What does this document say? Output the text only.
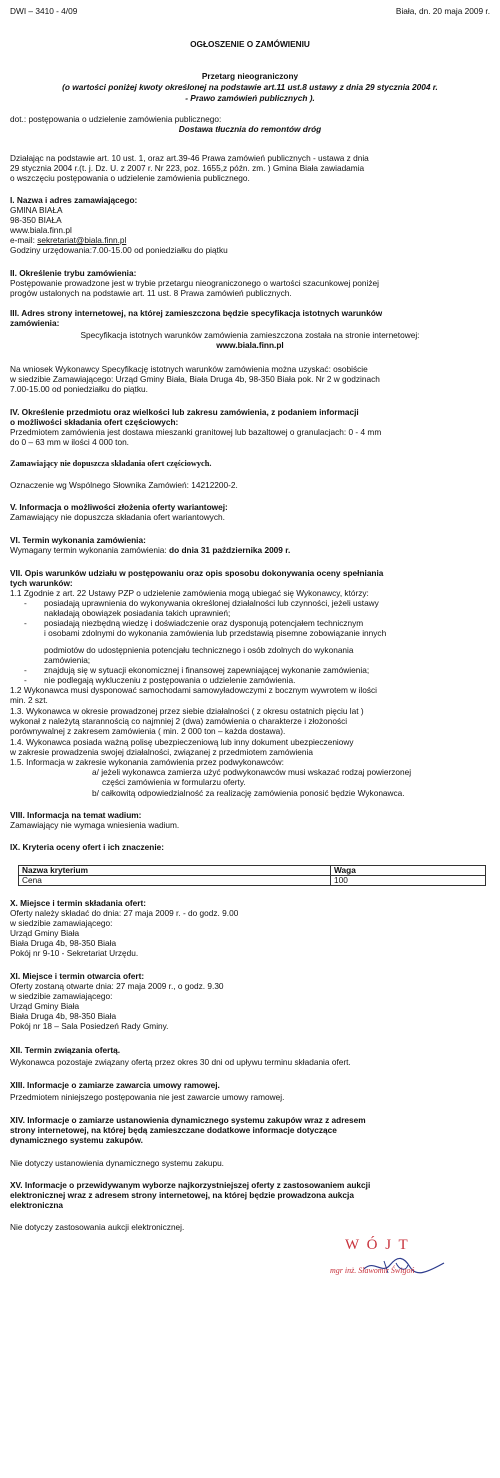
DWI – 3410 - 4/09	Biała, dn. 20 maja 2009 r.
OGŁOSZENIE O ZAMÓWIENIU
Przetarg nieograniczony
(o wartości poniżej kwoty określonej na podstawie art.11 ust.8 ustawy z dnia 29 stycznia 2004 r.
- Prawo zamówień publicznych ).
dot.: postępowania o udzielenie zamówienia publicznego:
Dostawa tłucznia do remontów dróg
Działając na podstawie art. 10 ust. 1, oraz art.39-46 Prawa zamówień publicznych - ustawa z dnia
29 stycznia 2004 r.(t. j. Dz. U. z 2007 r. Nr 223, poz. 1655,z późn. zm. ) Gmina Biała zawiadamia
o wszczęciu postępowania o udzielenie zamówienia publicznego.
I. Nazwa i adres zamawiającego:
GMINA BIAŁA
98-350 BIAŁA
www.biala.finn.pl
e-mail: sekretariat@biala.finn.pl
Godziny urzędowania:7.00-15.00 od poniedziałku do piątku
II. Określenie trybu zamówienia:
Postępowanie prowadzone jest w trybie przetargu nieograniczonego o wartości szacunkowej poniżej
progów ustalonych na podstawie art. 11 ust. 8 Prawa zamówień publicznych.
III. Adres strony internetowej, na której zamieszczona będzie specyfikacja istotnych warunków
zamówienia:
Specyfikacja istotnych warunków zamówienia zamieszczona została na stronie internetowej:
www.biala.finn.pl
Na wniosek Wykonawcy Specyfikację istotnych warunków zamówienia można uzyskać: osobiście
w siedzibie Zamawiającego: Urząd Gminy Biała, Biała Druga 4b, 98-350 Biała pok. Nr 2 w godzinach
7.00-15.00 od poniedziałku do piątku.
IV. Określenie przedmiotu oraz wielkości lub zakresu zamówienia, z podaniem informacji
o możliwości składania ofert częściowych:
Przedmiotem zamówienia jest dostawa mieszanki granitowej lub bazaltowej o granulacjach: 0 - 4 mm
do 0 – 63 mm w ilości 4 000 ton.
Zamawiający nie dopuszcza składania ofert częściowych.
Oznaczenie wg Wspólnego Słownika Zamówień: 14212200-2.
V. Informacja o możliwości złożenia oferty wariantowej:
Zamawiający nie dopuszcza składania ofert wariantowych.
VI. Termin wykonania zamówienia:
Wymagany termin wykonania zamówienia: do dnia 31 października 2009 r.
VII. Opis warunków udziału w postępowaniu oraz opis sposobu dokonywania oceny spełniania
tych warunków:
1.1 Zgodnie z art. 22 Ustawy PZP o udzielenie zamówienia mogą ubiegać się Wykonawcy, którzy:
-	posiadają uprawnienia do wykonywania określonej działalności lub czynności, jeżeli ustawy
nakładają obowiązek posiadania takich uprawnień;
-	posiadają niezbędną wiedzę i doświadczenie oraz dysponują potencjałem technicznym
i osobami zdolnymi do wykonania zamówienia lub przedstawią pisemne zobowiązanie innych
podmiotów do udostępnienia potencjału technicznego i osób zdolnych do wykonania
zamówienia;
-	znajdują się w sytuacji ekonomicznej i finansowej zapewniającej wykonanie zamówienia;
-	nie podlegają wykluczeniu z postępowania o udzielenie zamówienia.
1.2 Wykonawca musi dysponować samochodami samowyładowczymi z bocznym wywrotem w ilości
min. 2 szt.
1.3. Wykonawca w okresie prowadzonej przez siebie działalności ( z okresu ostatnich pięciu lat )
wykonał z należytą starannością co najmniej 2 (dwa) zamówienia o charakterze i złożoności
porównywalnej z zakresem zamówienia ( min. 2 000 ton – każda dostawa).
1.4. Wykonawca posiada ważną polisę ubezpieczeniową lub inny dokument ubezpieczeniowy
w zakresie prowadzenia swojej działalności, związanej z przedmiotem zamówienia
1.5. Informacja w zakresie wykonania zamówienia przez podwykonawców:
a/ jeżeli wykonawca zamierza użyć podwykonawców musi wskazać rodzaj powierzonej
części zamówienia w formularzu oferty.
b/ całkowitą odpowiedzialność za realizację zamówienia ponosić będzie Wykonawca.
VIII. Informacja na temat wadium:
Zamawiający nie wymaga wniesienia wadium.
IX. Kryteria oceny ofert i ich znaczenie:
Nazwa kryterium	Waga
Cena	100
X. Miejsce i termin składania ofert:
Oferty należy składać do dnia: 27 maja 2009 r. - do godz. 9.00
w siedzibie zamawiającego:
Urząd Gminy Biała
Biała Druga 4b, 98-350 Biała
Pokój nr 9-10 - Sekretariat Urzędu.
XI. Miejsce i termin otwarcia ofert:
Oferty zostaną otwarte dnia: 27 maja 2009 r., o godz. 9.30
w siedzibie zamawiającego:
Urząd Gminy Biała
Biała Druga 4b, 98-350 Biała
Pokój nr 18 – Sala Posiedzeń Rady Gminy.
XII. Termin związania ofertą.
Wykonawca pozostaje związany ofertą przez okres 30 dni od upływu terminu składania ofert.
XIII. Informacje o zamiarze zawarcia umowy ramowej.
Przedmiotem niniejszego postępowania nie jest zawarcie umowy ramowej.
XIV. Informacje o zamiarze ustanowienia dynamicznego systemu zakupów wraz z adresem
strony internetowej, na której będą zamieszczane dodatkowe informacje dotyczące
dynamicznego systemu zakupów.
Nie dotyczy ustanowienia dynamicznego systemu zakupu.
XV. Informacje o przewidywanym wyborze najkorzystniejszej oferty z zastosowaniem aukcji
elektronicznej wraz z adresem strony internetowej, na której będzie prowadzona aukcja
elektroniczna
Nie dotyczy zastosowania aukcji elektronicznej.
W Ó J T
mgr inż. Sławomir Świgoń
